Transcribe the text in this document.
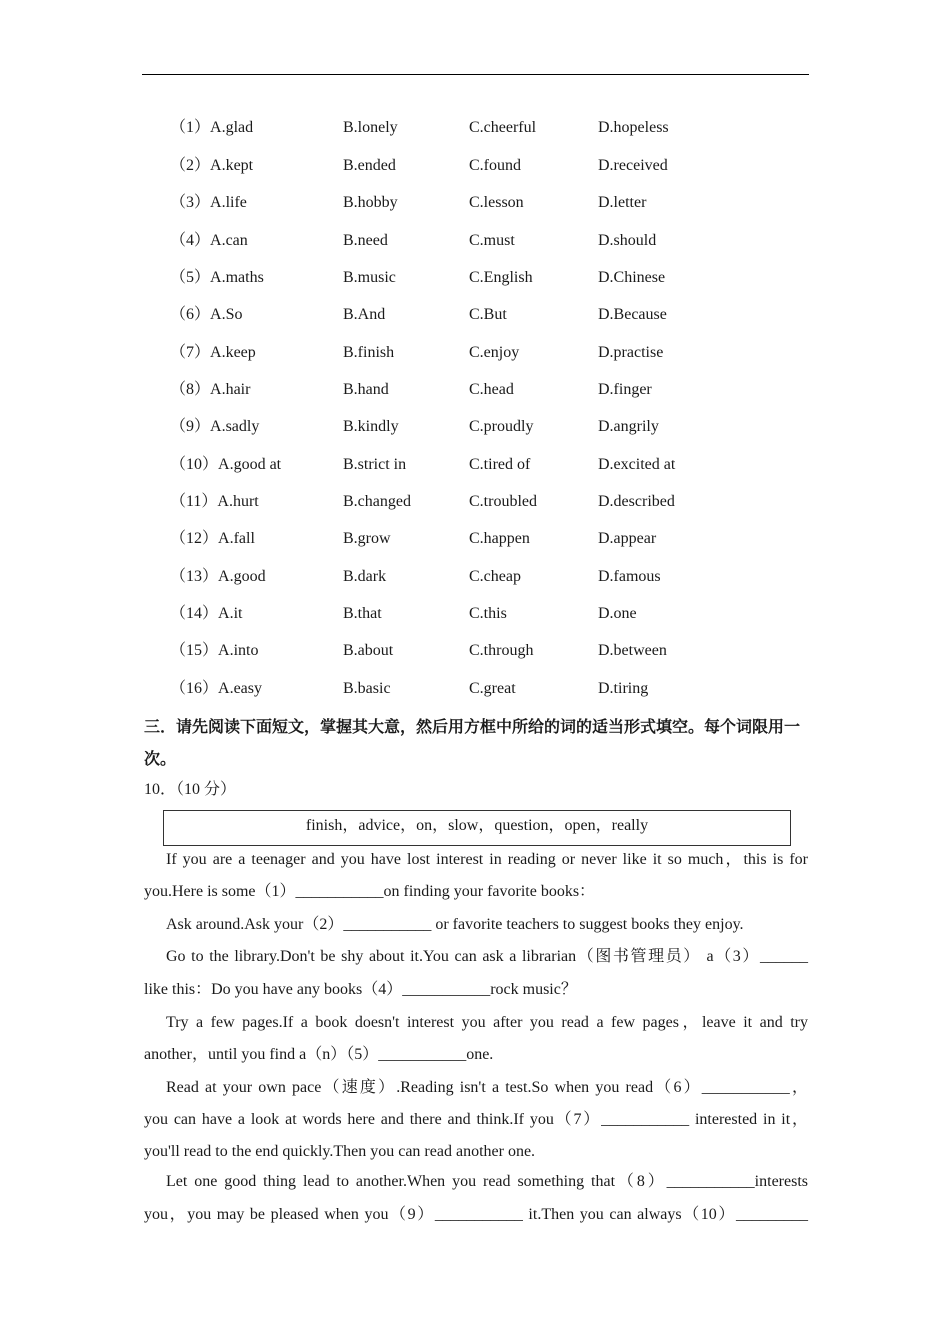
（1）A.glad	B.lonely	C.cheerful	D.hopeless
（2）A.kept	B.ended	C.found	D.received
（3）A.life	B.hobby	C.lesson	D.letter
（4）A.can	B.need	C.must	D.should
（5）A.maths	B.music	C.English	D.Chinese
（6）A.So	B.And	C.But	D.Because
（7）A.keep	B.finish	C.enjoy	D.practise
（8）A.hair	B.hand	C.head	D.finger
（9）A.sadly	B.kindly	C.proudly	D.angrily
（10）A.good at	B.strict in	C.tired of	D.excited at
（11）A.hurt	B.changed	C.troubled	D.described
（12）A.fall	B.grow	C.happen	D.appear
（13）A.good	B.dark	C.cheap	D.famous
（14）A.it	B.that	C.this	D.one
（15）A.into	B.about	C.through	D.between
（16）A.easy	B.basic	C.great	D.tiring
三．请先阅读下面短文，掌握其大意，然后用方框中所给的词的适当形式填空。每个词限用一次。
10．（10 分）
finish，advice，on，slow，question，open，really
If you are a teenager and you have lost interest in reading or never like it so much，this is for
you.Here is some（1）___________on finding your favorite books：
Ask around.Ask your（2）___________ or favorite teachers to suggest books they enjoy.
Go to the library.Don't be shy about it.You can ask a librarian（图书管理员） a（3）______
like this：Do you have any books（4）___________rock music？
Try a few pages.If a book doesn't interest you after you read a few pages，leave it and try
another，until you find a（n）（5）___________one.
Read at your own pace（速度）.Reading isn't a test.So when you read（6）___________，
you can have a look at words here and there and think.If you（7）___________ interested in it，
you'll read to the end quickly.Then you can read another one.
Let one good thing lead to another.When you read something that（8）___________interests
you，you may be pleased when you（9）___________ it.Then you can always（10）_________
